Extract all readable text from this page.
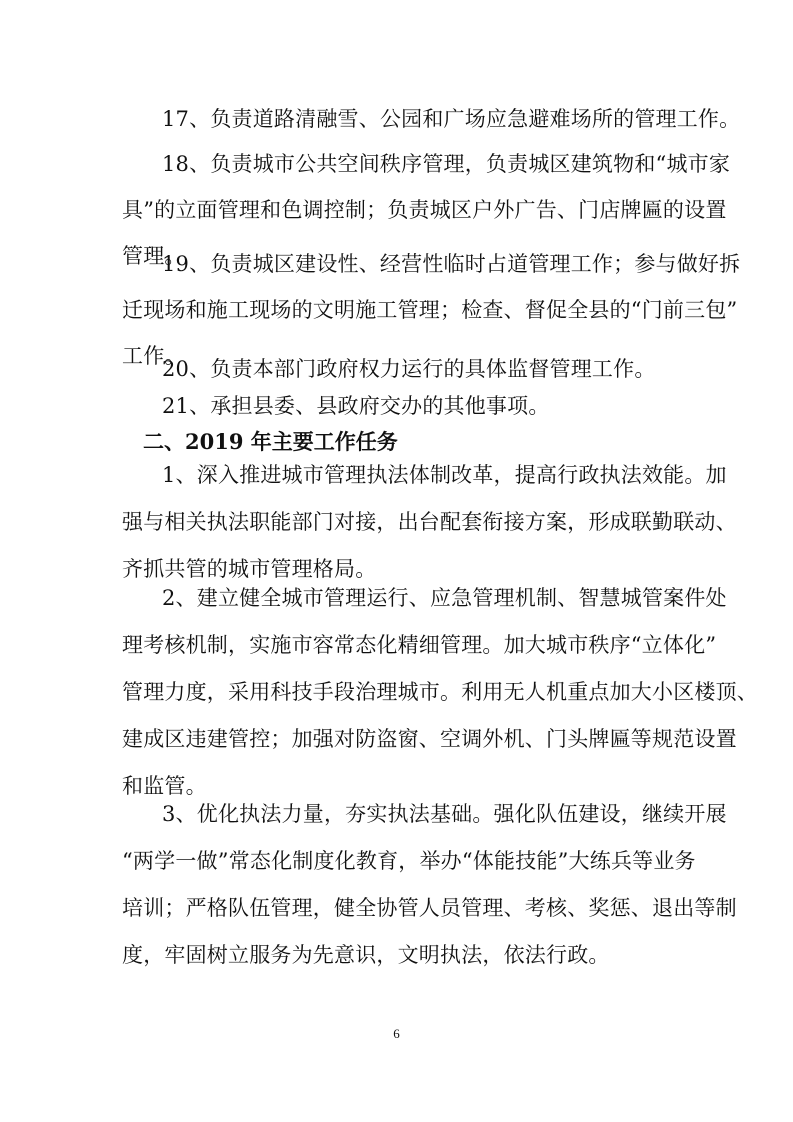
17、负责道路清融雪、公园和广场应急避难场所的管理工作。
18、负责城市公共空间秩序管理，负责城区建筑物和“城市家
具”的立面管理和色调控制；负责城区户外广告、门店牌匾的设置
管理。
19、负责城区建设性、经营性临时占道管理工作；参与做好拆
迁现场和施工现场的文明施工管理；检查、督促全县的“门前三包”
工作。
20、负责本部门政府权力运行的具体监督管理工作。
21、承担县委、县政府交办的其他事项。
二、2019 年主要工作任务
1、深入推进城市管理执法体制改革，提高行政执法效能。加
强与相关执法职能部门对接，出台配套衔接方案，形成联勤联动、
齐抓共管的城市管理格局。
2、建立健全城市管理运行、应急管理机制、智慧城管案件处
理考核机制，实施市容常态化精细管理。加大城市秩序“立体化”
管理力度，采用科技手段治理城市。利用无人机重点加大小区楼顶、
建成区违建管控；加强对防盗窗、空调外机、门头牌匾等规范设置
和监管。
3、优化执法力量，夯实执法基础。强化队伍建设，继续开展
“两学一做”常态化制度化教育，举办“体能技能”大练兵等业务
培训；严格队伍管理，健全协管人员管理、考核、奖惩、退出等制
度，牢固树立服务为先意识，文明执法，依法行政。
6
